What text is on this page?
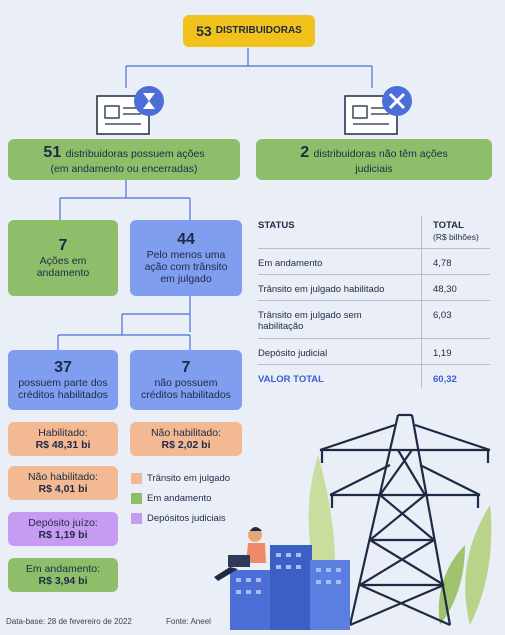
53 DISTRIBUIDORAS
51 distribuidoras possuem ações
(em andamento ou encerradas)
2 distribuidoras não têm ações
judiciais
7
Ações em
andamento
44
Pelo menos uma
ação com trânsito
em julgado
37
possuem parte dos
créditos habilitados
7
não possuem
créditos habilitados
Habilitado:
R$ 48,31 bi
Não habilitado:
R$ 2,02 bi
Não habilitado:
R$ 4,01 bi
Depósito juízo:
R$ 1,19 bi
Em andamento:
R$ 3,94 bi
Trânsito em julgado
Em andamento
Depósitos judiciais
STATUS	TOTAL
(R$ bilhões)
Em andamento	4,78
Trânsito em julgado habilitado	48,30
Trânsito em julgado sem
habilitação
6,03
Depósito judicial	1,19
VALOR TOTAL	60,32
Data-base: 28 de fevereiro de 2022	Fonte: Aneel
